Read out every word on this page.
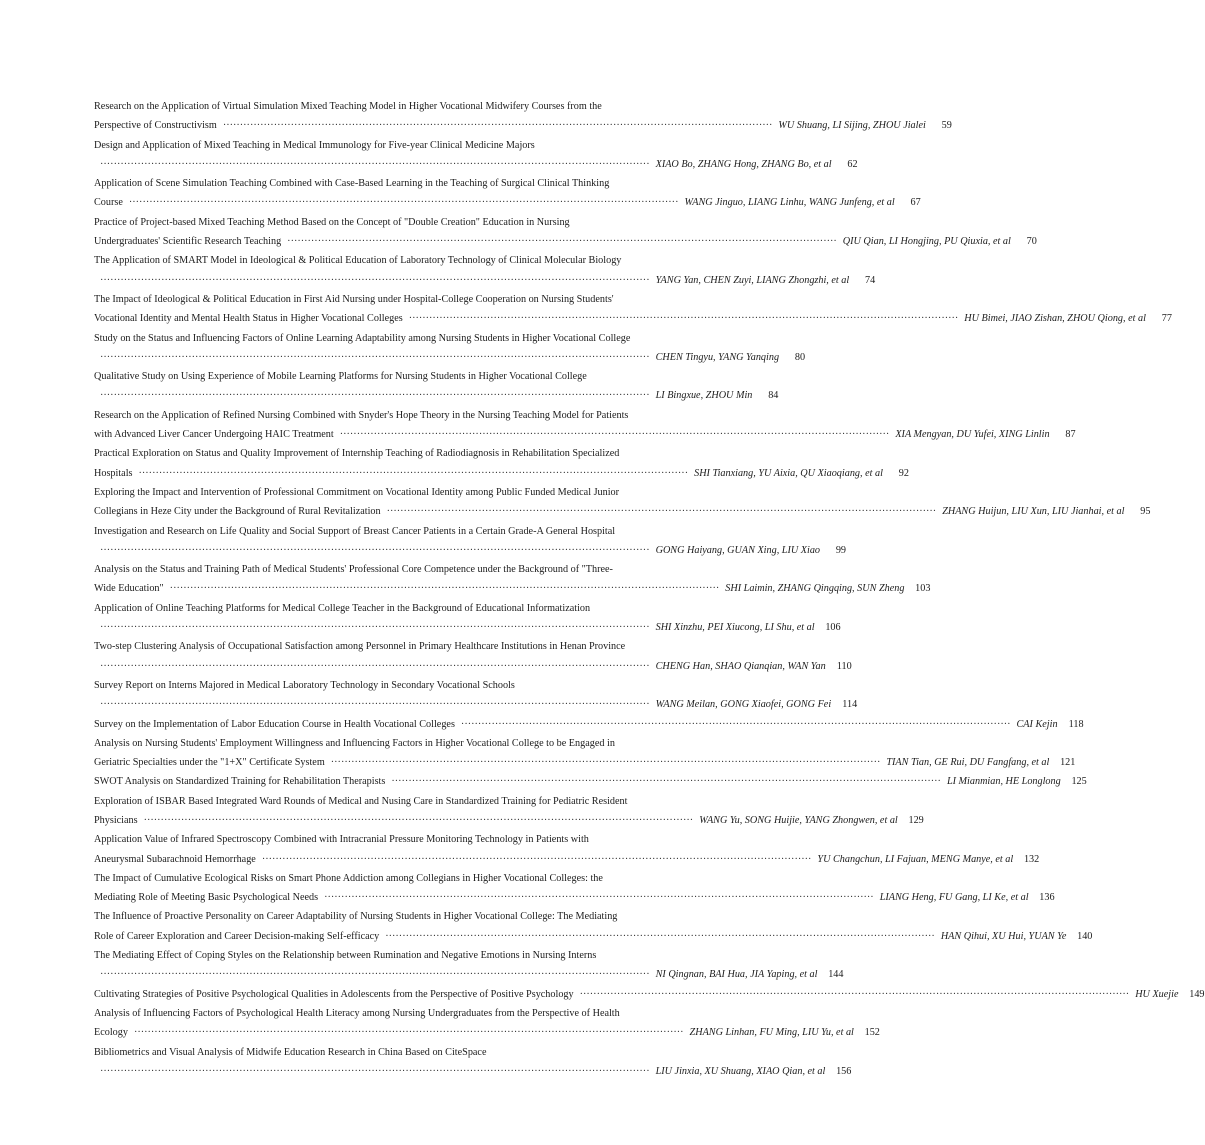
Research on the Application of Virtual Simulation Mixed Teaching Model in Higher Vocational Midwifery Courses from the
Perspective of Constructivism ·································································································································································· WU Shuang, LI Sijing, ZHOU Jialei	59
Design and Application of Mixed Teaching in Medical Immunology for Five-year Clinical Medicine Majors
·································································································································································· XIAO Bo, ZHANG Hong, ZHANG Bo, et al	62
Application of Scene Simulation Teaching Combined with Case-Based Learning in the Teaching of Surgical Clinical Thinking
Course ·································································································································································· WANG Jinguo, LIANG Linhu, WANG Junfeng, et al	67
Practice of Project-based Mixed Teaching Method Based on the Concept of "Double Creation" Education in Nursing
Undergraduates' Scientific Research Teaching ·································································································································································· QIU Qian, LI Hongjing, PU Qiuxia, et al	70
The Application of SMART Model in Ideological & Political Education of Laboratory Technology of Clinical Molecular Biology
·································································································································································· YANG Yan, CHEN Zuyi, LIANG Zhongzhi, et al	74
The Impact of Ideological & Political Education in First Aid Nursing under Hospital-College Cooperation on Nursing Students'
Vocational Identity and Mental Health Status in Higher Vocational Colleges ·································································································································································· HU Bimei, JIAO Zishan, ZHOU Qiong, et al	77
Study on the Status and Influencing Factors of Online Learning Adaptability among Nursing Students in Higher Vocational College
·································································································································································· CHEN Tingyu, YANG Yanqing	80
Qualitative Study on Using Experience of Mobile Learning Platforms for Nursing Students in Higher Vocational College
·································································································································································· LI Bingxue, ZHOU Min	84
Research on the Application of Refined Nursing Combined with Snyder's Hope Theory in the Nursing Teaching Model for Patients
with Advanced Liver Cancer Undergoing HAIC Treatment ·································································································································································· XIA Mengyan, DU Yufei, XING Linlin	87
Practical Exploration on Status and Quality Improvement of Internship Teaching of Radiodiagnosis in Rehabilitation Specialized
Hospitals ·································································································································································· SHI Tianxiang, YU Aixia, QU Xiaoqiang, et al	92
Exploring the Impact and Intervention of Professional Commitment on Vocational Identity among Public Funded Medical Junior
Collegians in Heze City under the Background of Rural Revitalization ·································································································································································· ZHANG Huijun, LIU Xun, LIU Jianhai, et al	95
Investigation and Research on Life Quality and Social Support of Breast Cancer Patients in a Certain Grade-A General Hospital
·································································································································································· GONG Haiyang, GUAN Xing, LIU Xiao	99
Analysis on the Status and Training Path of Medical Students' Professional Core Competence under the Background of "Three-
Wide Education" ·································································································································································· SHI Laimin, ZHANG Qingqing, SUN Zheng	103
Application of Online Teaching Platforms for Medical College Teacher in the Background of Educational Informatization
·································································································································································· SHI Xinzhu, PEI Xiucong, LI Shu, et al	106
Two-step Clustering Analysis of Occupational Satisfaction among Personnel in Primary Healthcare Institutions in Henan Province
·································································································································································· CHENG Han, SHAO Qianqian, WAN Yan	110
Survey Report on Interns Majored in Medical Laboratory Technology in Secondary Vocational Schools
·································································································································································· WANG Meilan, GONG Xiaofei, GONG Fei	114
Survey on the Implementation of Labor Education Course in Health Vocational Colleges ·································································································································································· CAI Kejin	118
Analysis on Nursing Students' Employment Willingness and Influencing Factors in Higher Vocational College to be Engaged in
Geriatric Specialties under the "1+X" Certificate System ·································································································································································· TIAN Tian, GE Rui, DU Fangfang, et al	121
SWOT Analysis on Standardized Training for Rehabilitation Therapists ·································································································································································· LI Mianmian, HE Longlong	125
Exploration of ISBAR Based Integrated Ward Rounds of Medical and Nusing Care in Standardized Training for Pediatric Resident
Physicians ·································································································································································· WANG Yu, SONG Huijie, YANG Zhongwen, et al	129
Application Value of Infrared Spectroscopy Combined with Intracranial Pressure Monitoring Technology in Patients with
Aneurysmal Subarachnoid Hemorrhage ·································································································································································· YU Changchun, LI Fajuan, MENG Manye, et al	132
The Impact of Cumulative Ecological Risks on Smart Phone Addiction among Collegians in Higher Vocational Colleges: the
Mediating Role of Meeting Basic Psychological Needs ·································································································································································· LIANG Heng, FU Gang, LI Ke, et al	136
The Influence of Proactive Personality on Career Adaptability of Nursing Students in Higher Vocational College: The Mediating
Role of Career Exploration and Career Decision-making Self-efficacy ·································································································································································· HAN Qihui, XU Hui, YUAN Ye	140
The Mediating Effect of Coping Styles on the Relationship between Rumination and Negative Emotions in Nursing Interns
·································································································································································· NI Qingnan, BAI Hua, JIA Yaping, et al	144
Cultivating Strategies of Positive Psychological Qualities in Adolescents from the Perspective of Positive Psychology ·································································································································································· HU Xuejie	149
Analysis of Influencing Factors of Psychological Health Literacy among Nursing Undergraduates from the Perspective of Health
Ecology ·································································································································································· ZHANG Linhan, FU Ming, LIU Yu, et al	152
Bibliometrics and Visual Analysis of Midwife Education Research in China Based on CiteSpace
·································································································································································· LIU Jinxia, XU Shuang, XIAO Qian, et al	156
